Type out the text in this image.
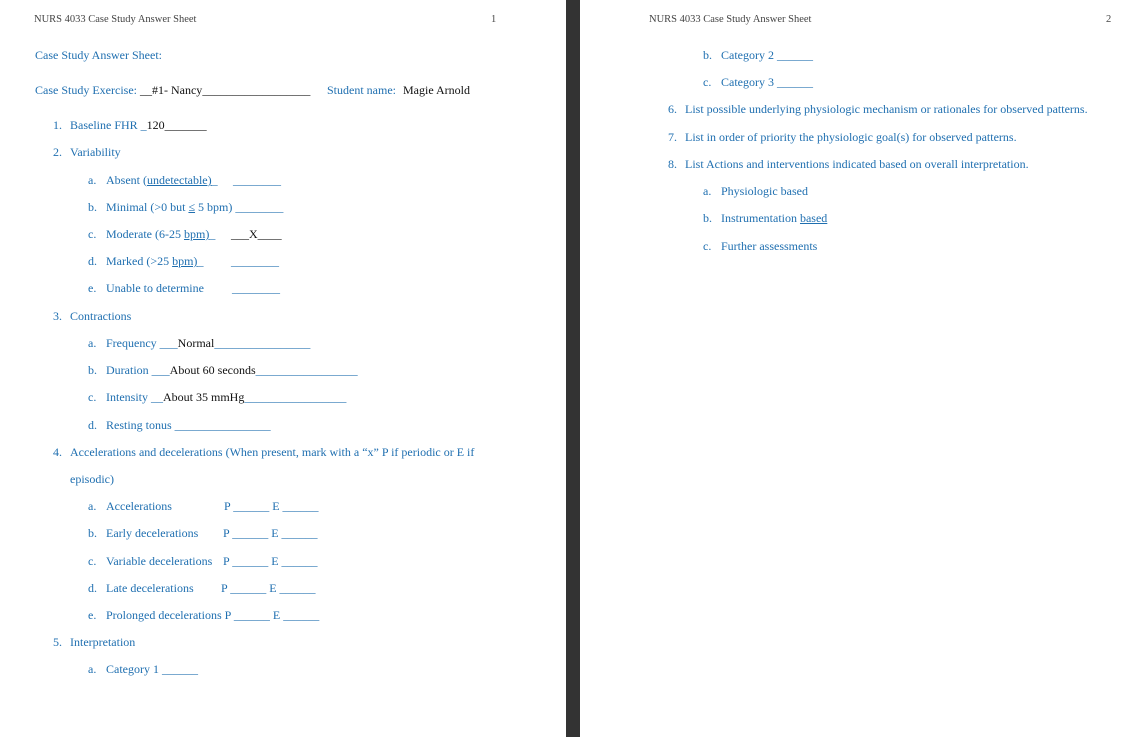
NURS 4033 Case Study Answer Sheet	1
Case Study Answer Sheet:
Case Study Exercise: __#1- Nancy__________________ Student name: Magie Arnold
1. Baseline FHR _120_______
2. Variability
a. Absent (undetectable)_ ________
b. Minimal (>0 but ≤ 5 bpm) ________
c. Moderate (6-25 bpm)_ ___X____
d. Marked (>25 bpm)_ ________
e. Unable to determine ________
3. Contractions
a. Frequency ___Normal________________
b. Duration ___About 60 seconds_________________
c. Intensity __About 35 mmHg_________________
d. Resting tonus ________________
4. Accelerations and decelerations (When present, mark with a “x” P if periodic or E if
episodic)
a. Accelerations	P ______ E ______
b. Early decelerations P ______ E ______
c. Variable decelerations P ______ E ______
d. Late decelerations P ______ E ______
e. Prolonged decelerations P ______ E ______
5. Interpretation
a. Category 1 ______
NURS 4033 Case Study Answer Sheet	2
b. Category 2 ______
c. Category 3 ______
6. List possible underlying physiologic mechanism or rationales for observed patterns.
7. List in order of priority the physiologic goal(s) for observed patterns.
8. List Actions and interventions indicated based on overall interpretation.
a. Physiologic based
b. Instrumentation based
c. Further assessments
